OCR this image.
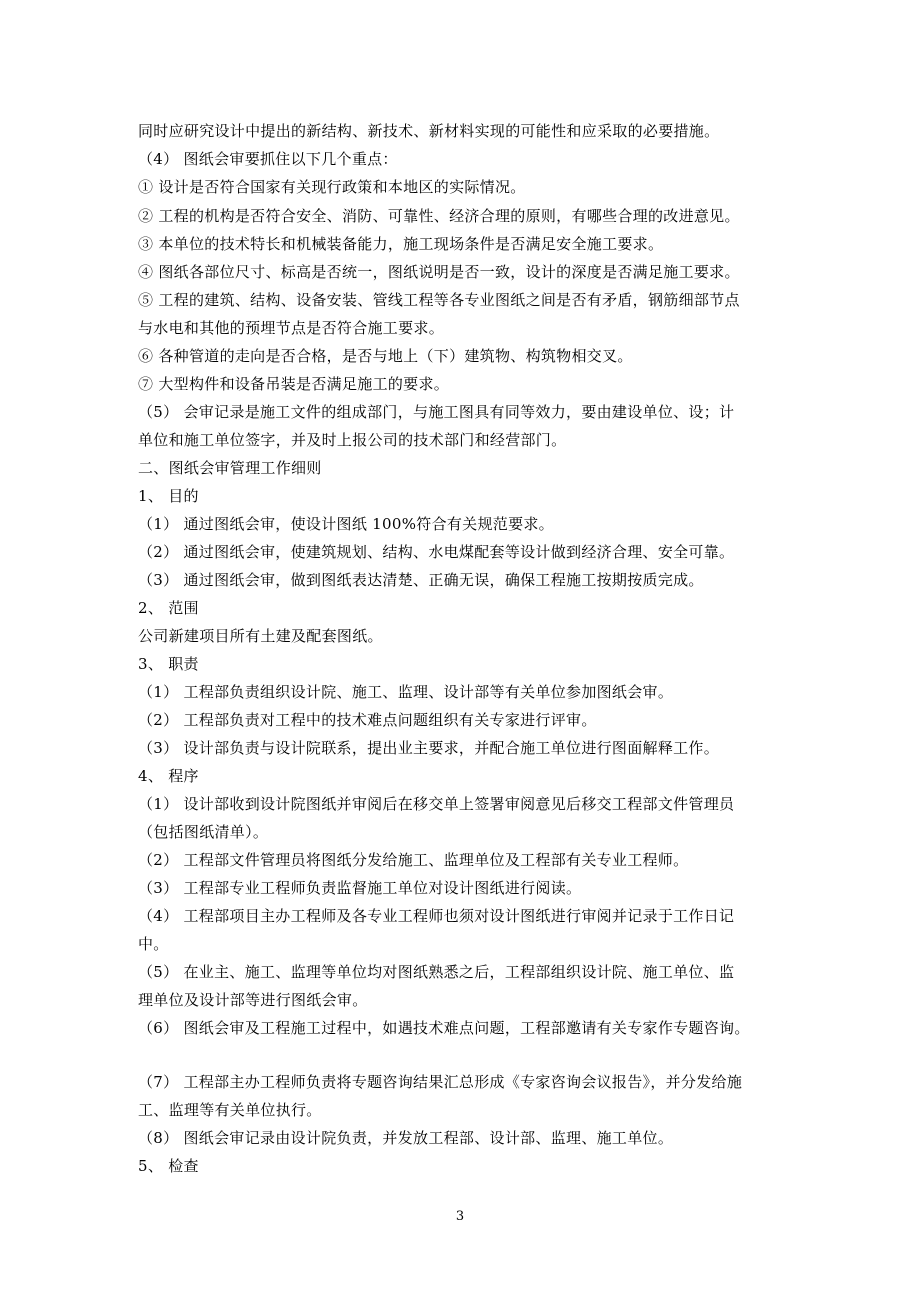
同时应研究设计中提出的新结构、新技术、新材料实现的可能性和应采取的必要措施。
（4） 图纸会审要抓住以下几个重点：
① 设计是否符合国家有关现行政策和本地区的实际情况。
② 工程的机构是否符合安全、消防、可靠性、经济合理的原则，有哪些合理的改进意见。
③ 本单位的技术特长和机械装备能力，施工现场条件是否满足安全施工要求。
④ 图纸各部位尺寸、标高是否统一，图纸说明是否一致，设计的深度是否满足施工要求。
⑤ 工程的建筑、结构、设备安装、管线工程等各专业图纸之间是否有矛盾，钢筋细部节点
与水电和其他的预埋节点是否符合施工要求。
⑥ 各种管道的走向是否合格，是否与地上（下）建筑物、构筑物相交叉。
⑦ 大型构件和设备吊装是否满足施工的要求。
（5） 会审记录是施工文件的组成部门，与施工图具有同等效力，要由建设单位、设；计
单位和施工单位签字，并及时上报公司的技术部门和经营部门。
二、图纸会审管理工作细则
1、 目的
（1） 通过图纸会审，使设计图纸 100%符合有关规范要求。
（2） 通过图纸会审，使建筑规划、结构、水电煤配套等设计做到经济合理、安全可靠。
（3） 通过图纸会审，做到图纸表达清楚、正确无误，确保工程施工按期按质完成。
2、 范围
公司新建项目所有土建及配套图纸。
3、 职责
（1） 工程部负责组织设计院、施工、监理、设计部等有关单位参加图纸会审。
（2） 工程部负责对工程中的技术难点问题组织有关专家进行评审。
（3） 设计部负责与设计院联系，提出业主要求，并配合施工单位进行图面解释工作。
4、 程序
（1） 设计部收到设计院图纸并审阅后在移交单上签署审阅意见后移交工程部文件管理员
（包括图纸清单）。
（2） 工程部文件管理员将图纸分发给施工、监理单位及工程部有关专业工程师。
（3） 工程部专业工程师负责监督施工单位对设计图纸进行阅读。
（4） 工程部项目主办工程师及各专业工程师也须对设计图纸进行审阅并记录于工作日记
中。
（5） 在业主、施工、监理等单位均对图纸熟悉之后，工程部组织设计院、施工单位、监
理单位及设计部等进行图纸会审。
（6） 图纸会审及工程施工过程中，如遇技术难点问题，工程部邀请有关专家作专题咨询。
（7） 工程部主办工程师负责将专题咨询结果汇总形成《专家咨询会议报告》，并分发给施
工、监理等有关单位执行。
（8） 图纸会审记录由设计院负责，并发放工程部、设计部、监理、施工单位。
5、 检查
3
